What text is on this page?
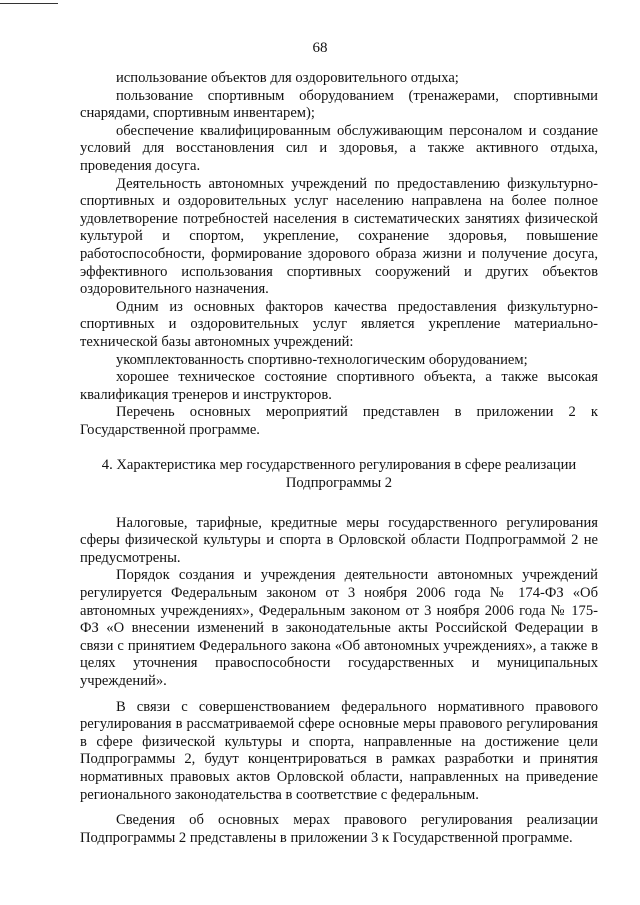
68

использование объектов для оздоровительного отдыха;

пользование спортивным оборудованием (тренажерами, спортивными снарядами, спортивным инвентарем);

обеспечение квалифицированным обслуживающим персоналом и создание условий для восстановления сил и здоровья, а также активного отдыха, проведения досуга.

Деятельность автономных учреждений по предоставлению физкультурно-спортивных и оздоровительных услуг населению направлена на более полное удовлетворение потребностей населения в систематических занятиях физической культурой и спортом, укрепление, сохранение здоровья, повышение работоспособности, формирование здорового образа жизни и получение досуга, эффективного использования спортивных сооружений и других объектов оздоровительного назначения.

Одним из основных факторов качества предоставления физкультурно-спортивных и оздоровительных услуг является укрепление материально-технической базы автономных учреждений:

укомплектованность спортивно-технологическим оборудованием;

хорошее техническое состояние спортивного объекта, а также высокая квалификация тренеров и инструкторов.

Перечень основных мероприятий представлен в приложении 2 к Государственной программе.

4. Характеристика мер государственного регулирования в сфере реализации
Подпрограммы 2

Налоговые, тарифные, кредитные меры государственного регулирования сферы физической культуры и спорта в Орловской области Подпрограммой 2 не предусмотрены.

Порядок создания и учреждения деятельности автономных учреждений регулируется Федеральным законом от 3 ноября 2006 года № 174-ФЗ «Об автономных учреждениях», Федеральным законом от 3 ноября 2006 года № 175-ФЗ «О внесении изменений в законодательные акты Российской Федерации в связи с принятием Федерального закона «Об автономных учреждениях», а также в целях уточнения правоспособности государственных и муниципальных учреждений».

В связи с совершенствованием федерального нормативного правового регулирования в рассматриваемой сфере основные меры правового регулирования в сфере физической культуры и спорта, направленные на достижение цели Подпрограммы 2, будут концентрироваться в рамках разработки и принятия нормативных правовых актов Орловской области, направленных на приведение регионального законодательства в соответствие с федеральным.

Сведения об основных мерах правового регулирования реализации Подпрограммы 2 представлены в приложении 3 к Государственной программе.
